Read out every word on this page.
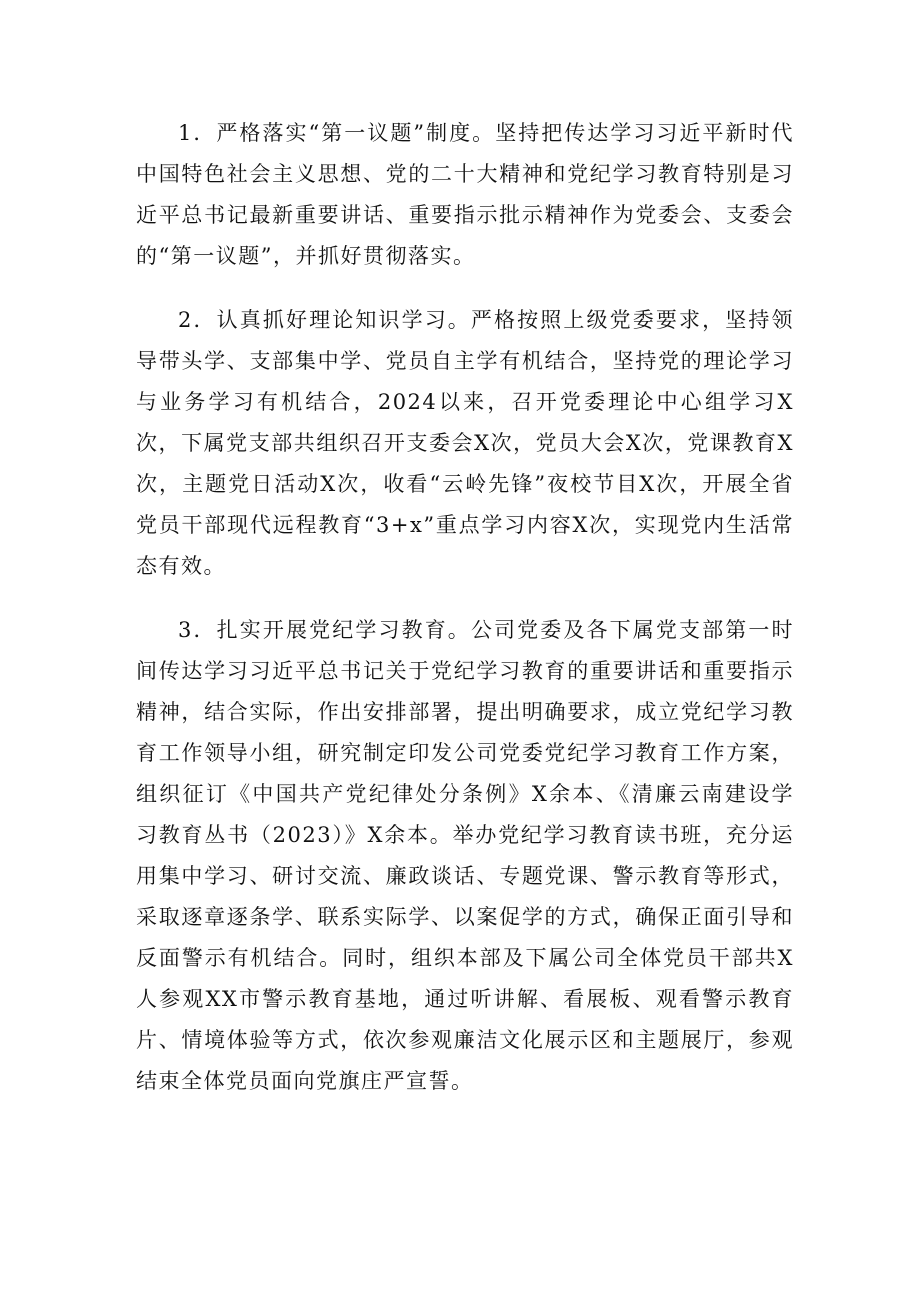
1．严格落实“第一议题”制度。坚持把传达学习习近平新时代中国特色社会主义思想、党的二十大精神和党纪学习教育特别是习近平总书记最新重要讲话、重要指示批示精神作为党委会、支委会的“第一议题”，并抓好贯彻落实。

2．认真抓好理论知识学习。严格按照上级党委要求，坚持领导带头学、支部集中学、党员自主学有机结合，坚持党的理论学习与业务学习有机结合，2024以来，召开党委理论中心组学习X次，下属党支部共组织召开支委会X次，党员大会X次，党课教育X次，主题党日活动X次，收看“云岭先锋”夜校节目X次，开展全省党员干部现代远程教育“3+x”重点学习内容X次，实现党内生活常态有效。

3．扎实开展党纪学习教育。公司党委及各下属党支部第一时间传达学习习近平总书记关于党纪学习教育的重要讲话和重要指示精神，结合实际，作出安排部署，提出明确要求，成立党纪学习教育工作领导小组，研究制定印发公司党委党纪学习教育工作方案，组织征订《中国共产党纪律处分条例》X余本、《清廉云南建设学习教育丛书（2023）》X余本。举办党纪学习教育读书班，充分运用集中学习、研讨交流、廉政谈话、专题党课、警示教育等形式，采取逐章逐条学、联系实际学、以案促学的方式，确保正面引导和反面警示有机结合。同时，组织本部及下属公司全体党员干部共X人参观XX市警示教育基地，通过听讲解、看展板、观看警示教育片、情境体验等方式，依次参观廉洁文化展示区和主题展厅，参观结束全体党员面向党旗庄严宣誓。
